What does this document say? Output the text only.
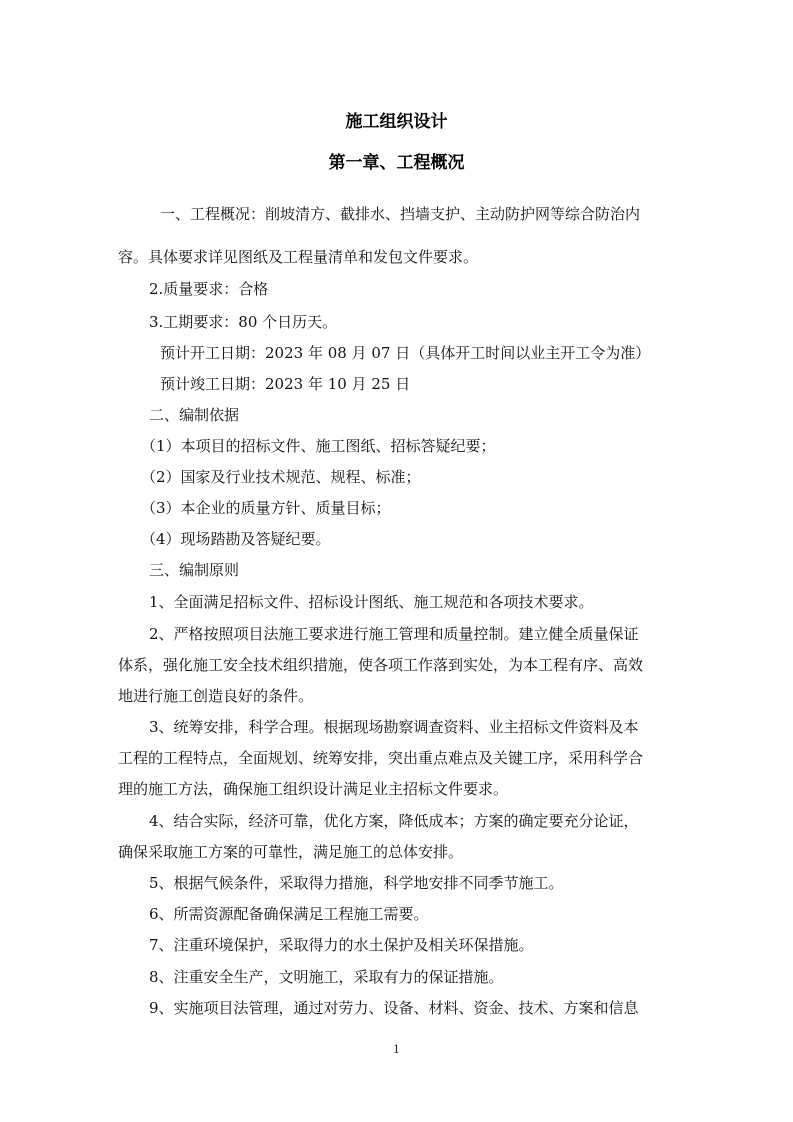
施工组织设计
第一章、工程概况
一、工程概况：削坡清方、截排水、挡墙支护、主动防护网等综合防治内
容。具体要求详见图纸及工程量清单和发包文件要求。
2.质量要求：合格
3.工期要求：80 个日历天。
预计开工日期：2023 年 08 月 07 日（具体开工时间以业主开工令为准）
预计竣工日期：2023 年 10 月 25 日
二、编制依据
（1）本项目的招标文件、施工图纸、招标答疑纪要；
（2）国家及行业技术规范、规程、标准；
（3）本企业的质量方针、质量目标；
（4）现场踏勘及答疑纪要。
三、编制原则
1、全面满足招标文件、招标设计图纸、施工规范和各项技术要求。
2、严格按照项目法施工要求进行施工管理和质量控制。建立健全质量保证
体系，强化施工安全技术组织措施，使各项工作落到实处，为本工程有序、高效
地进行施工创造良好的条件。
3、统筹安排，科学合理。根据现场勘察调查资料、业主招标文件资料及本
工程的工程特点，全面规划、统筹安排，突出重点难点及关键工序，采用科学合
理的施工方法，确保施工组织设计满足业主招标文件要求。
4、结合实际，经济可靠，优化方案，降低成本；方案的确定要充分论证，
确保采取施工方案的可靠性，满足施工的总体安排。
5、根据气候条件，采取得力措施，科学地安排不同季节施工。
6、所需资源配备确保满足工程施工需要。
7、注重环境保护，采取得力的水土保护及相关环保措施。
8、注重安全生产，文明施工，采取有力的保证措施。
9、实施项目法管理，通过对劳力、设备、材料、资金、技术、方案和信息
1
